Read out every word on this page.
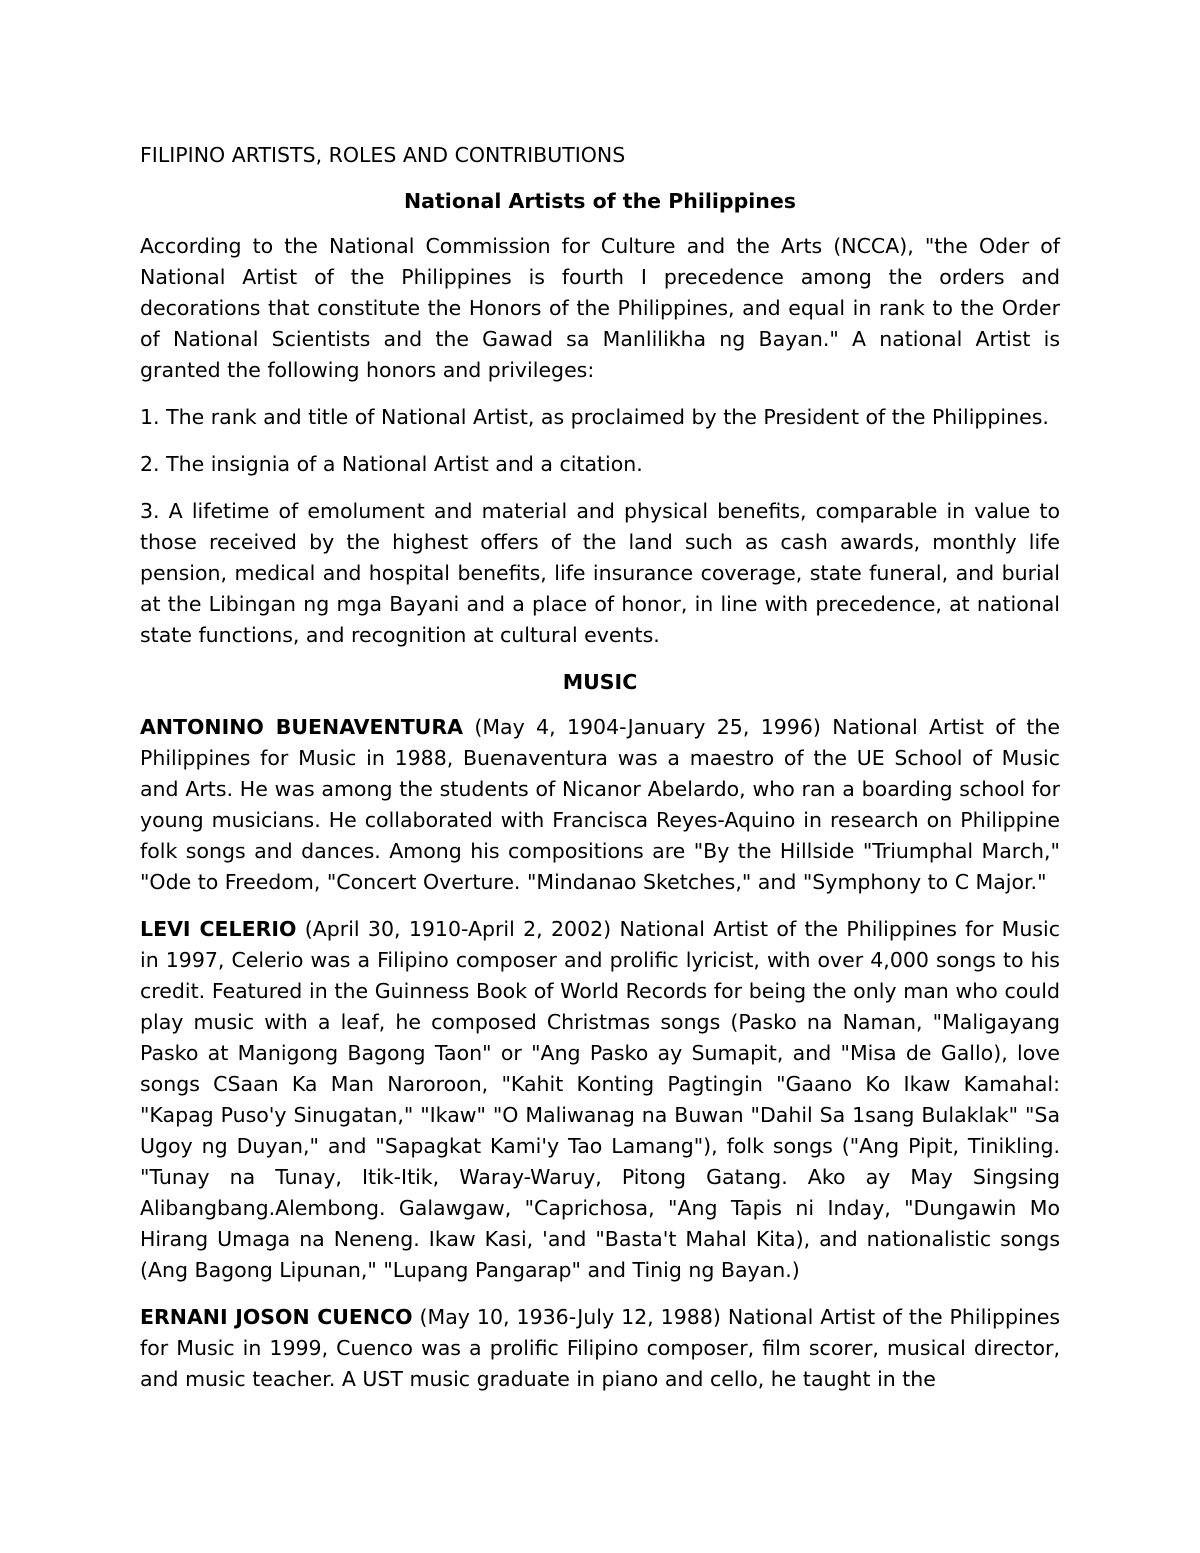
FILIPINO ARTISTS, ROLES AND CONTRIBUTIONS
National Artists of the Philippines

According to the National Commission for Culture and the Arts (NCCA), "the Oder of National Artist of the Philippines is fourth I precedence among the orders and decorations that constitute the Honors of the Philippines, and equal in rank to the Order of National Scientists and the Gawad sa Manlilikha ng Bayan." A national Artist is granted the following honors and privileges:

1. The rank and title of National Artist, as proclaimed by the President of the Philippines.

2. The insignia of a National Artist and a citation.

3. A lifetime of emolument and material and physical benefits, comparable in value to those received by the highest offers of the land such as cash awards, monthly life pension, medical and hospital benefits, life insurance coverage, state funeral, and burial at the Libingan ng mga Bayani and a place of honor, in line with precedence, at national state functions, and recognition at cultural events.

MUSIC

ANTONINO BUENAVENTURA (May 4, 1904-January 25, 1996) National Artist of the Philippines for Music in 1988, Buenaventura was a maestro of the UE School of Music and Arts. He was among the students of Nicanor Abelardo, who ran a boarding school for young musicians. He collaborated with Francisca Reyes-Aquino in research on Philippine folk songs and dances. Among his compositions are "By the Hillside "Triumphal March," "Ode to Freedom, "Concert Overture. "Mindanao Sketches," and "Symphony to C Major."

LEVI CELERIO (April 30, 1910-April 2, 2002) National Artist of the Philippines for Music in 1997, Celerio was a Filipino composer and prolific lyricist, with over 4,000 songs to his credit. Featured in the Guinness Book of World Records for being the only man who could play music with a leaf, he composed Christmas songs (Pasko na Naman, "Maligayang Pasko at Manigong Bagong Taon" or "Ang Pasko ay Sumapit, and "Misa de Gallo), love songs CSaan Ka Man Naroroon, "Kahit Konting Pagtingin "Gaano Ko Ikaw Kamahal: "Kapag Puso'y Sinugatan," "Ikaw" "O Maliwanag na Buwan "Dahil Sa 1sang Bulaklak" "Sa Ugoy ng Duyan," and "Sapagkat Kami'y Tao Lamang"), folk songs ("Ang Pipit, Tinikling. "Tunay na Tunay, Itik-Itik, Waray-Waruy, Pitong Gatang. Ako ay May Singsing Alibangbang.Alembong. Galawgaw, "Caprichosa, "Ang Tapis ni Inday, "Dungawin Mo Hirang Umaga na Neneng. Ikaw Kasi, 'and "Basta't Mahal Kita), and nationalistic songs (Ang Bagong Lipunan," "Lupang Pangarap" and Tinig ng Bayan.)

ERNANI JOSON CUENCO (May 10, 1936-July 12, 1988) National Artist of the Philippines for Music in 1999, Cuenco was a prolific Filipino composer, film scorer, musical director, and music teacher. A UST music graduate in piano and cello, he taught in the
